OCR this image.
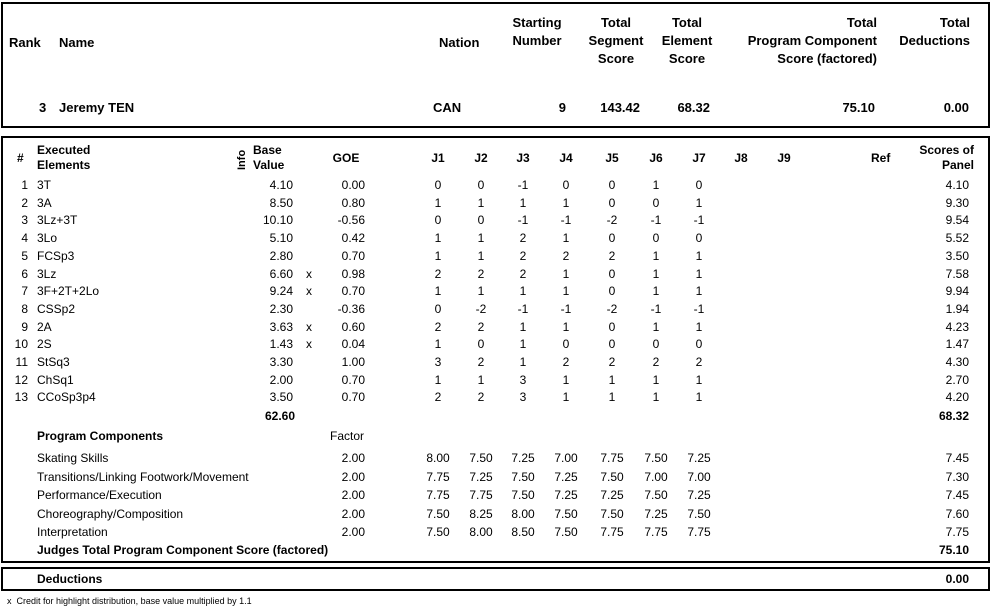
Rank Name	Nation
Starting
Number
Total
Segment
Score
Total
Element
Score
Total
Program Component
Score (factored)
Total
Deductions
3 Jeremy TEN	CAN	9	143.42	68.32	75.10	0.00
#
Executed
Elements	Info Base
Value	GOE	J1	J2	J3	J4	J5	J6	J7	J8	J9	Ref
Scores of
Panel
1 3T	4.10	0.00	0	0	-1	0	0	1	0	4.10
2 3A	8.50	0.80	1	1	1	1	0	0	1	9.30
3 3Lz+3T	10.10	-0.56	0	0	-1	-1	-2	-1	-1	9.54
4 3Lo	5.10	0.42	1	1	2	1	0	0	0	5.52
5 FCSp3	2.80	0.70	1	1	2	2	2	1	1	3.50
6 3Lz	6.60 x	0.98	2	2	2	1	0	1	1	7.58
7 3F+2T+2Lo	9.24 x	0.70	1	1	1	1	0	1	1	9.94
8 CSSp2	2.30	-0.36	0	-2	-1	-1	-2	-1	-1	1.94
9 2A	3.63 x	0.60	2	2	1	1	0	1	1	4.23
10 2S	1.43 x	0.04	1	0	1	0	0	0	0	1.47
11 StSq3	3.30	1.00	3	2	1	2	2	2	2	4.30
12 ChSq1	2.00	0.70	1	1	3	1	1	1	1	2.70
13 CCoSp3p4	3.50	0.70	2	2	3	1	1	1	1	4.20
62.60	68.32
Program Components	Factor
Skating Skills	2.00	8.00	7.50	7.25	7.00	7.75	7.50	7.25	7.45
Transitions/Linking Footwork/Movement	2.00	7.75	7.25	7.50	7.25	7.50	7.00	7.00	7.30
Performance/Execution	2.00	7.75	7.75	7.50	7.25	7.25	7.50	7.25	7.45
Choreography/Composition	2.00	7.50	8.25	8.00	7.50	7.50	7.25	7.50	7.60
Interpretation	2.00	7.50	8.00	8.50	7.50	7.75	7.75	7.75	7.75
Judges Total Program Component Score (factored)	75.10
Deductions	0.00
x Credit for highlight distribution, base value multiplied by 1.1
